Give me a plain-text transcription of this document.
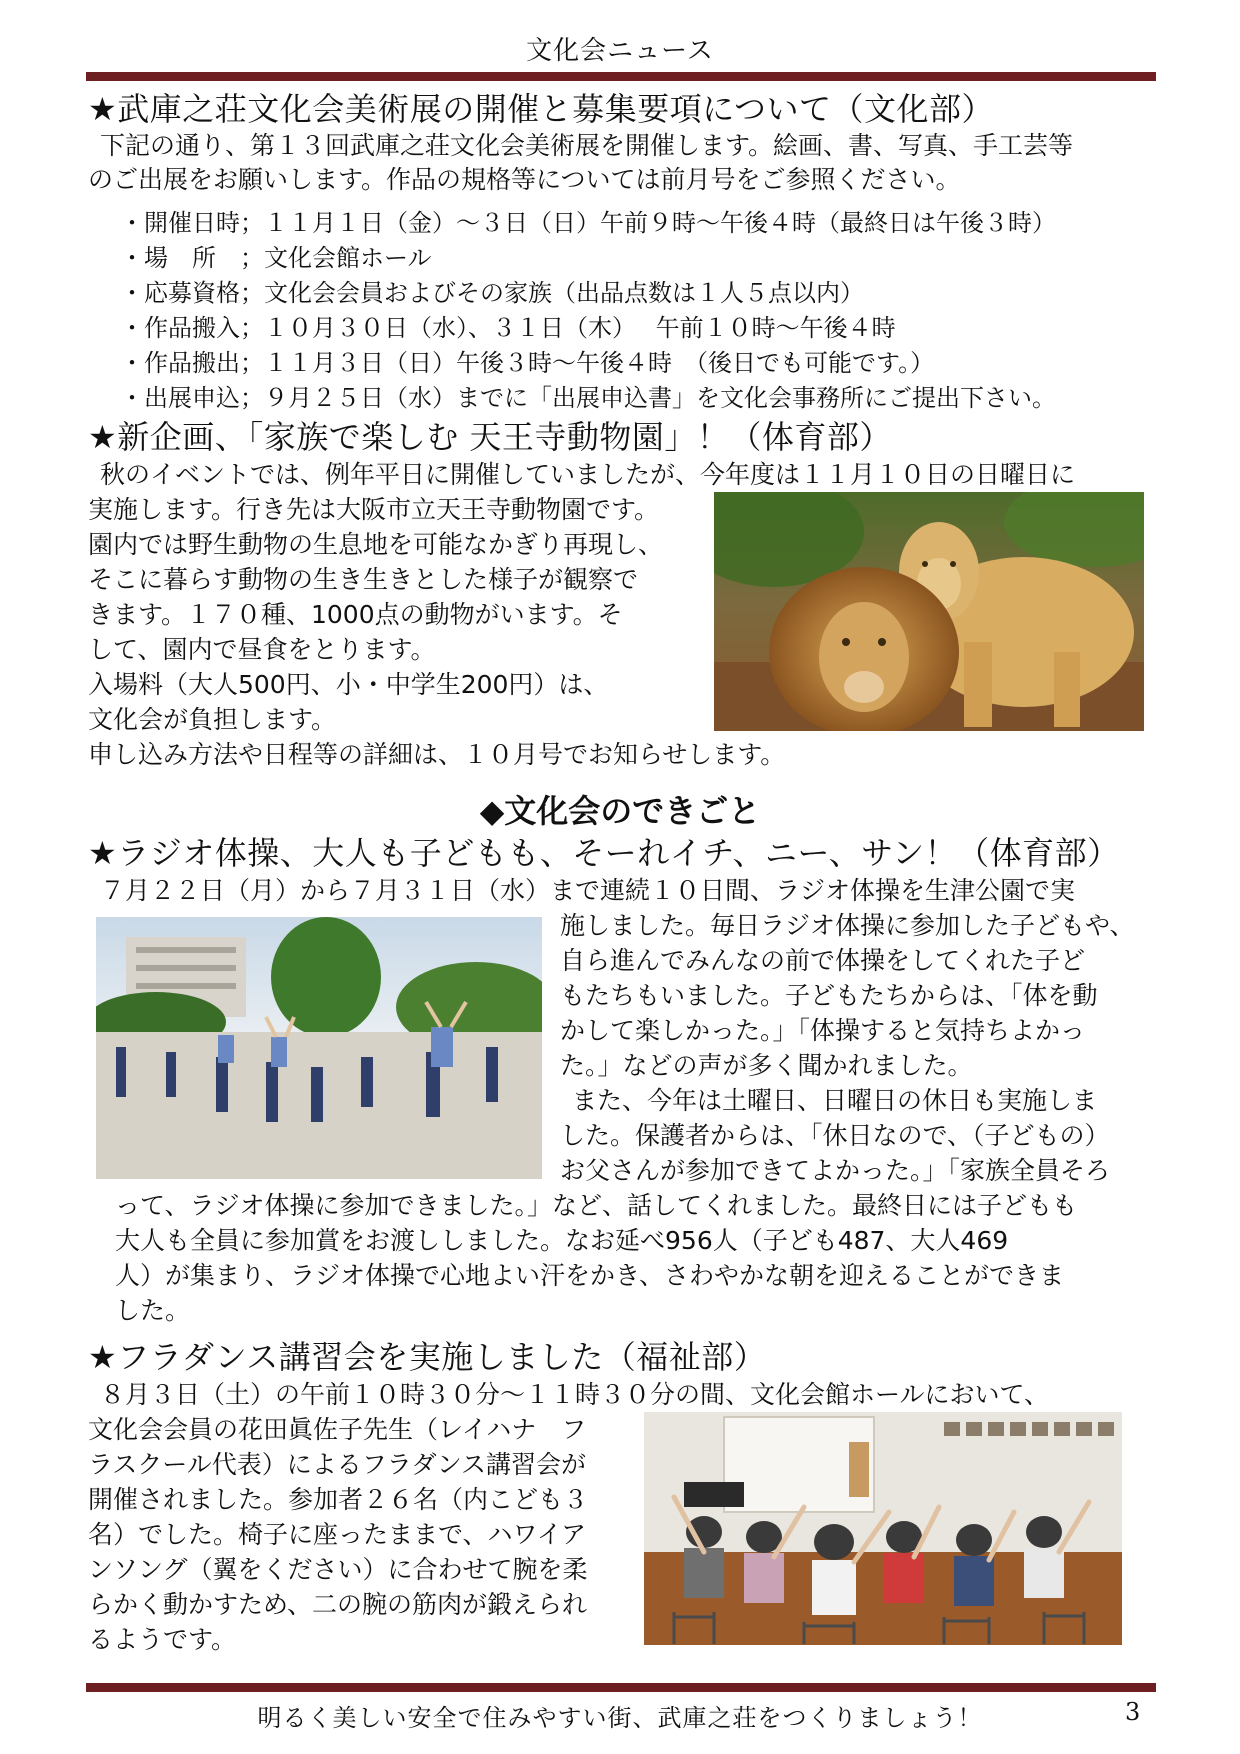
文化会ニュース
★武庫之荘文化会美術展の開催と募集要項について（文化部）
下記の通り、第１３回武庫之荘文化会美術展を開催します。絵画、書、写真、手工芸等
のご出展をお願いします。作品の規格等については前月号をご参照ください。
・開催日時；１１月１日（金）～３日（日）午前９時～午後４時（最終日は午後３時）
・場　所　；文化会館ホール
・応募資格；文化会会員およびその家族（出品点数は１人５点以内）
・作品搬入；１０月３０日（水）、３１日（木）　 午前１０時～午後４時
・作品搬出；１１月３日（日）午後３時～午後４時　（後日でも可能です。）
・出展申込；９月２５日（水）までに「出展申込書」を文化会事務所にご提出下さい。
★新企画、「家族で楽しむ 天王寺動物園」！（体育部）
秋のイベントでは、例年平日に開催していましたが、今年度は１１月１０日の日曜日に
実施します。行き先は大阪市立天王寺動物園です。
園内では野生動物の生息地を可能なかぎり再現し、
そこに暮らす動物の生き生きとした様子が観察で
きます。１７０種、1000点の動物がいます。そ
して、園内で昼食をとります。
入場料（大人500円、小・中学生200円）は、
文化会が負担します。
申し込み方法や日程等の詳細は、１０月号でお知らせします。
◆文化会のできごと
★ラジオ体操、大人も子どもも、そーれイチ、ニー、サン！（体育部）
７月２２日（月）から７月３１日（水）まで連続１０日間、ラジオ体操を生津公園で実
施しました。毎日ラジオ体操に参加した子どもや、
自ら進んでみんなの前で体操をしてくれた子ど
もたちもいました。子どもたちからは、「体を動
かして楽しかった。」「体操すると気持ちよかっ
た。」などの声が多く聞かれました。
また、今年は土曜日、日曜日の休日も実施しま
した。保護者からは、「休日なので、（子どもの）
お父さんが参加できてよかった。」「家族全員そろ
って、ラジオ体操に参加できました。」など、話してくれました。最終日には子どもも
大人も全員に参加賞をお渡ししました。なお延べ956人（子ども487、大人469
人）が集まり、ラジオ体操で心地よい汗をかき、さわやかな朝を迎えることができま
した。
★フラダンス講習会を実施しました（福祉部）
８月３日（土）の午前１０時３０分～１１時３０分の間、文化会館ホールにおいて、
文化会会員の花田眞佐子先生（レイハナ　フ
ラスクール代表）によるフラダンス講習会が
開催されました。参加者２６名（内こども３
名）でした。椅子に座ったままで、ハワイア
ンソング（翼をください）に合わせて腕を柔
らかく動かすため、二の腕の筋肉が鍛えられ
るようです。
明るく美しい安全で住みやすい街、武庫之荘をつくりましょう！	3
